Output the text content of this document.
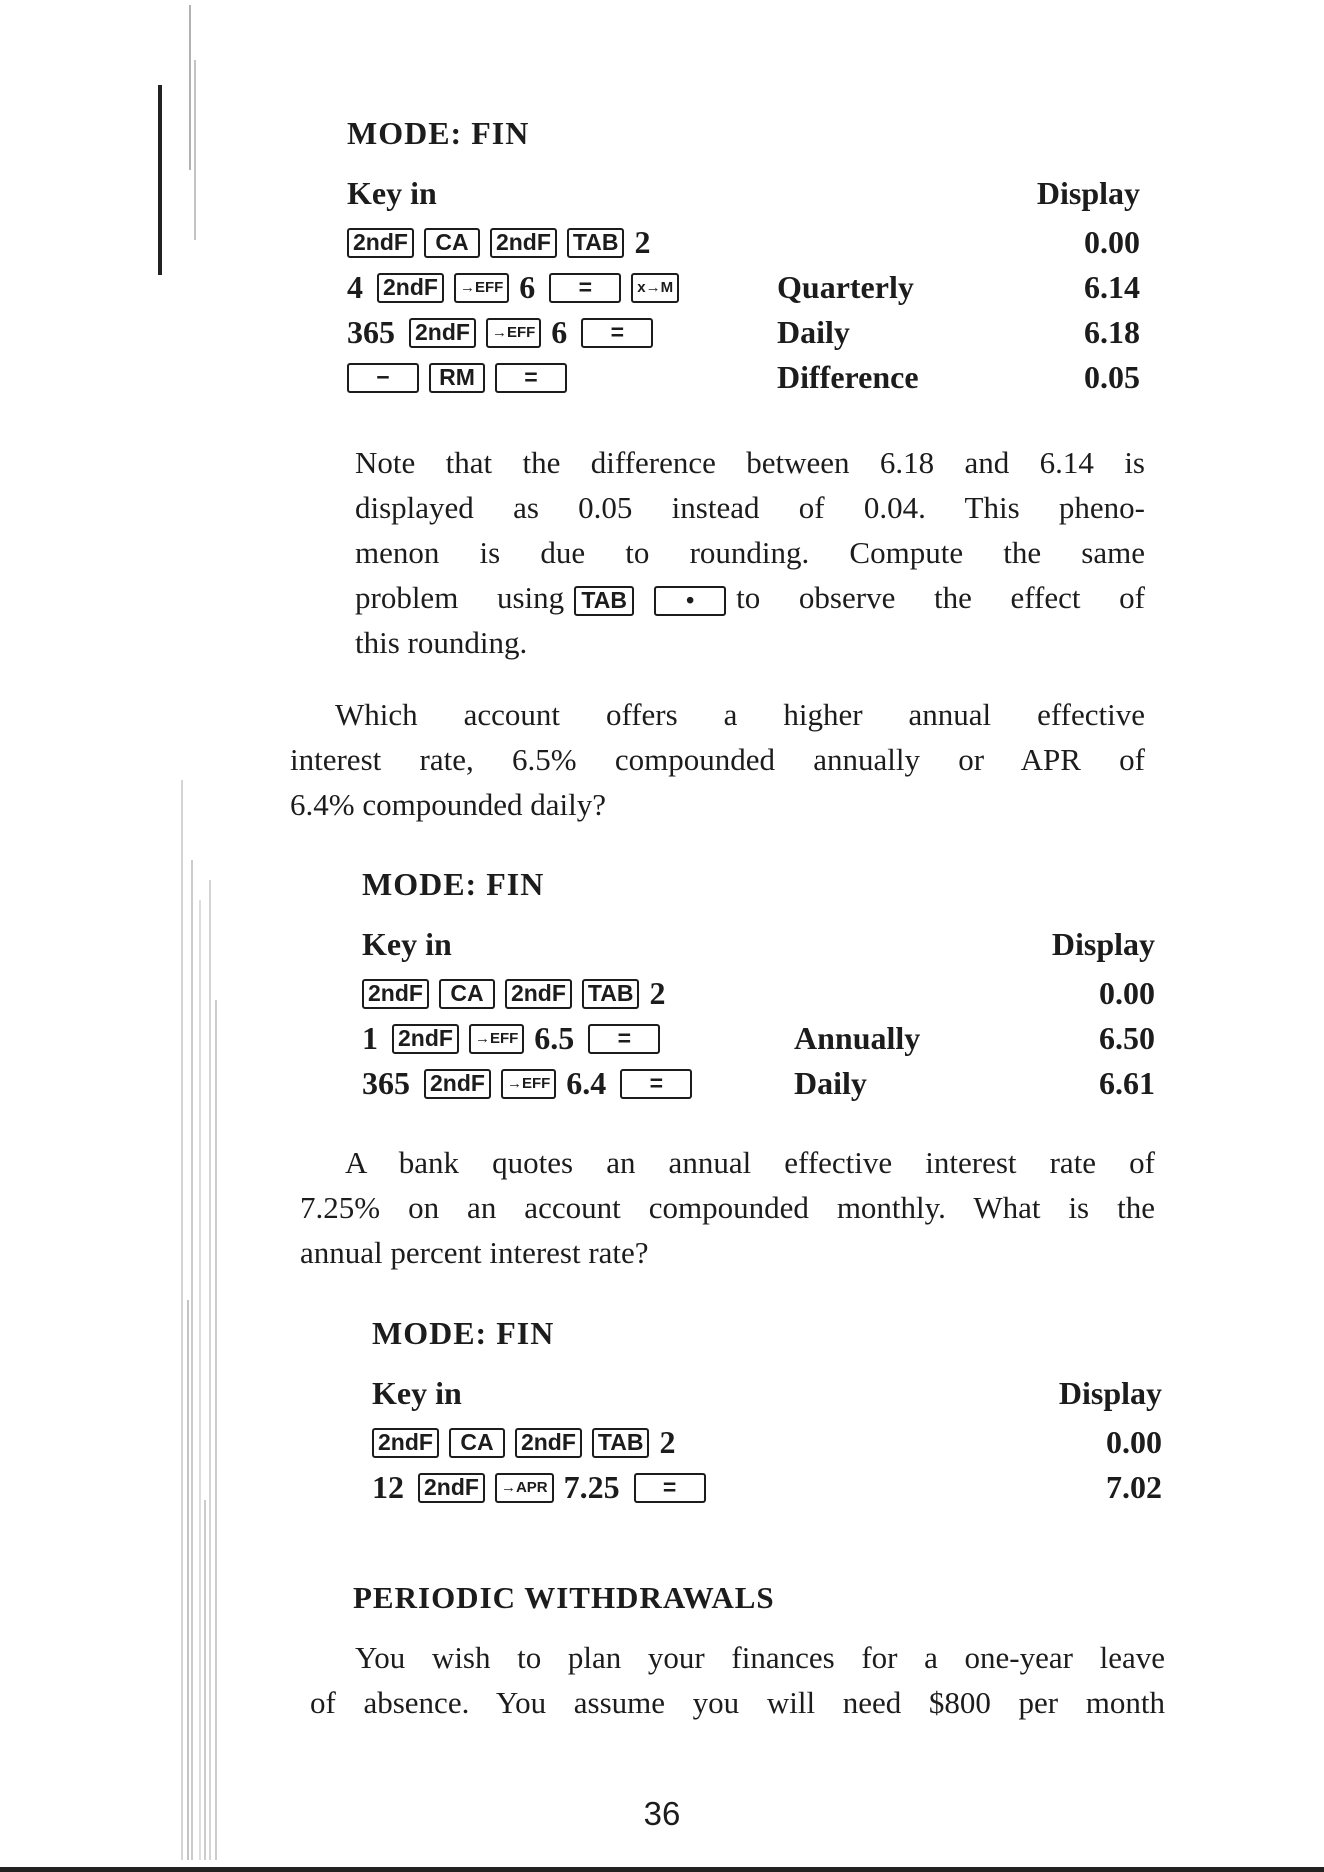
MODE: FIN
Key in	Display
2ndF	CA	2ndF TAB 2	0.00
4 2ndF	→EFF 6	=	x→M	Quarterly	6.14
365 2ndF	→EFF 6	=	Daily	6.18
−	RM	=	Difference	0.05
Note that the difference between 6.18 and 6.14 is
displayed as 0.05 instead of 0.04. This pheno-
menon is due to rounding. Compute the same
problem using TAB	• to observe the effect of
this rounding.
Which account offers a higher annual effective
interest rate, 6.5% compounded annually or APR of
6.4% compounded daily?
MODE: FIN
Key in	Display
2ndF	CA	2ndF TAB 2	0.00
1 2ndF	→EFF 6.5	=	Annually	6.50
365 2ndF	→EFF 6.4	=	Daily	6.61
A bank quotes an annual effective interest rate of
7.25% on an account compounded monthly. What is the
annual percent interest rate?
MODE: FIN
Key in	Display
2ndF	CA	2ndF TAB 2	0.00
12 2ndF	→APR 7.25	=	7.02
PERIODIC WITHDRAWALS
You wish to plan your finances for a one-year leave
of absence. You assume you will need $800 per month
36
